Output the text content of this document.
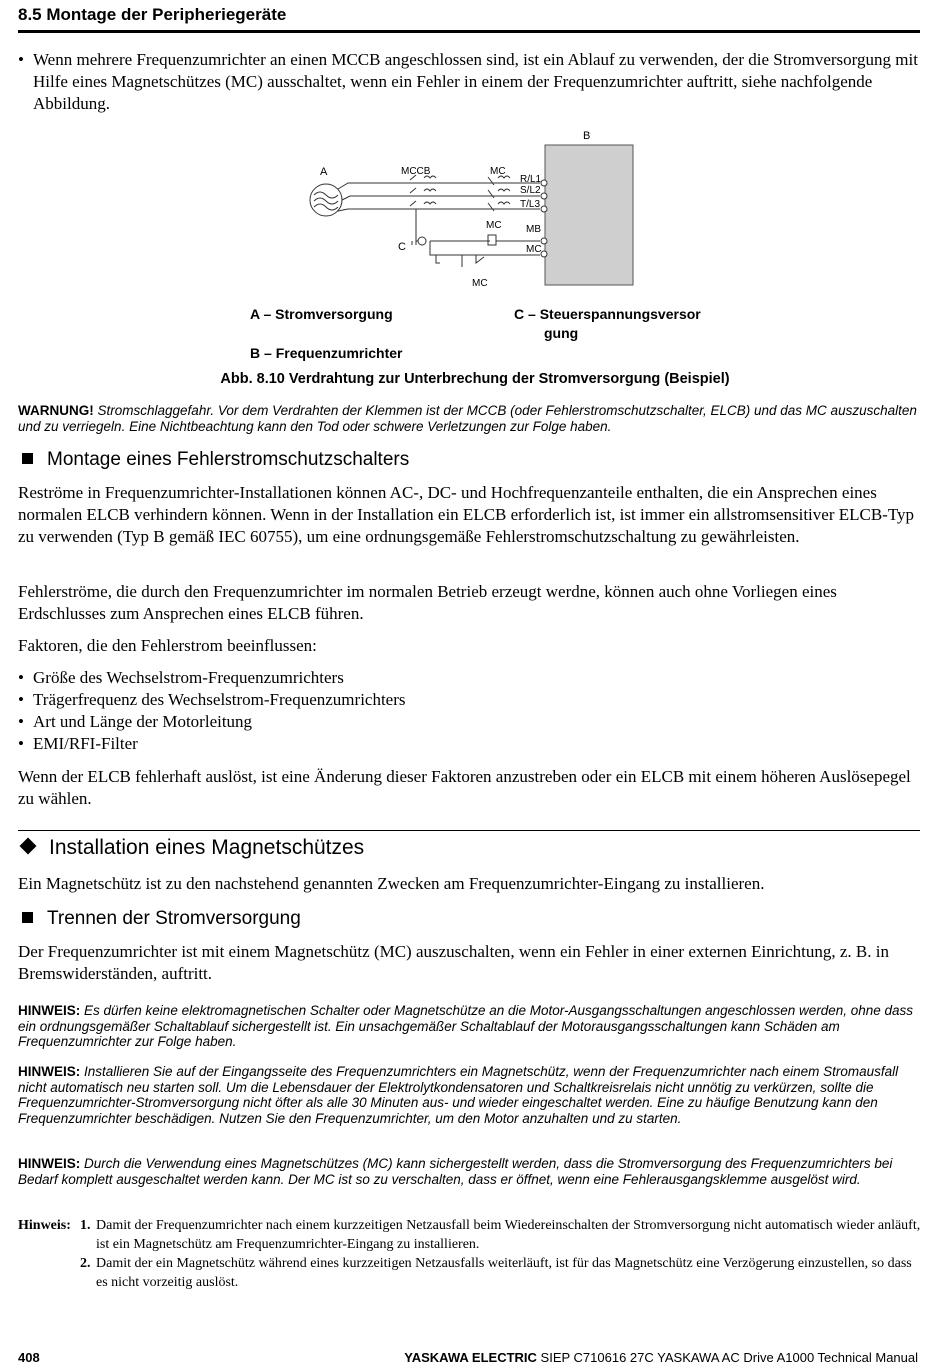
8.5 Montage der Peripheriegeräte
• Wenn mehrere Frequenzumrichter an einen MCCB angeschlossen sind, ist ein Ablauf zu verwenden, der die Stromversorgung mit Hilfe eines Magnetschützes (MC) ausschaltet, wenn ein Fehler in einem der Frequenzumrichter auftritt, siehe nachfolgende Abbildung.
A
B
C
MCCB	MC
MC
MC
R/L1
S/L2
T/L3
MB
MC
A – Stromversorgung
B – Frequenzumrichter
C – Steuerspannungsversor
gung
Abb. 8.10 Verdrahtung zur Unterbrechung der Stromversorgung (Beispiel)
WARNUNG! Stromschlaggefahr. Vor dem Verdrahten der Klemmen ist der MCCB (oder Fehlerstromschutzschalter, ELCB) und das MC auszuschalten und zu verriegeln. Eine Nichtbeachtung kann den Tod oder schwere Verletzungen zur Folge haben.
Montage eines Fehlerstromschutzschalters
Reströme in Frequenzumrichter-Installationen können AC-, DC- und Hochfrequenzanteile enthalten, die ein Ansprechen eines normalen ELCB verhindern können. Wenn in der Installation ein ELCB erforderlich ist, ist immer ein allstromsensitiver ELCB-Typ zu verwenden (Typ B gemäß IEC 60755), um eine ordnungsgemäße Fehlerstromschutzschaltung zu gewährleisten.
Fehlerströme, die durch den Frequenzumrichter im normalen Betrieb erzeugt werdne, können auch ohne Vorliegen eines Erdschlusses zum Ansprechen eines ELCB führen.
Faktoren, die den Fehlerstrom beeinflussen:
• Größe des Wechselstrom-Frequenzumrichters
• Trägerfrequenz des Wechselstrom-Frequenzumrichters
• Art und Länge der Motorleitung
• EMI/RFI-Filter
Wenn der ELCB fehlerhaft auslöst, ist eine Änderung dieser Faktoren anzustreben oder ein ELCB mit einem höheren Auslösepegel zu wählen.
Installation eines Magnetschützes
Ein Magnetschütz ist zu den nachstehend genannten Zwecken am Frequenzumrichter-Eingang zu installieren.
Trennen der Stromversorgung
Der Frequenzumrichter ist mit einem Magnetschütz (MC) auszuschalten, wenn ein Fehler in einer externen Einrichtung, z. B. in Bremswiderständen, auftritt.
HINWEIS: Es dürfen keine elektromagnetischen Schalter oder Magnetschütze an die Motor-Ausgangsschaltungen angeschlossen werden, ohne dass ein ordnungsgemäßer Schaltablauf sichergestellt ist. Ein unsachgemäßer Schaltablauf der Motorausgangsschaltungen kann Schäden am Frequenzumrichter zur Folge haben.
HINWEIS: Installieren Sie auf der Eingangsseite des Frequenzumrichters ein Magnetschütz, wenn der Frequenzumrichter nach einem Stromausfall nicht automatisch neu starten soll. Um die Lebensdauer der Elektrolytkondensatoren und Schaltkreisrelais nicht unnötig zu verkürzen, sollte die Frequenzumrichter-Stromversorgung nicht öfter als alle 30 Minuten aus- und wieder eingeschaltet werden. Eine zu häufige Benutzung kann den Frequenzumrichter beschädigen. Nutzen Sie den Frequenzumrichter, um den Motor anzuhalten und zu starten.
HINWEIS: Durch die Verwendung eines Magnetschützes (MC) kann sichergestellt werden, dass die Stromversorgung des Frequenzumrichters bei Bedarf komplett ausgeschaltet werden kann. Der MC ist so zu verschalten, dass er öffnet, wenn eine Fehlerausgangsklemme ausgelöst wird.
Hinweis: 1. Damit der Frequenzumrichter nach einem kurzzeitigen Netzausfall beim Wiedereinschalten der Stromversorgung nicht automatisch wieder anläuft, ist ein Magnetschütz am Frequenzumrichter-Eingang zu installieren.
2. Damit der ein Magnetschütz während eines kurzzeitigen Netzausfalls weiterläuft, ist für das Magnetschütz eine Verzögerung einzustellen, so dass es nicht vorzeitig auslöst.
408	YASKAWA ELECTRIC SIEP C710616 27C YASKAWA AC Drive A1000 Technical Manual
